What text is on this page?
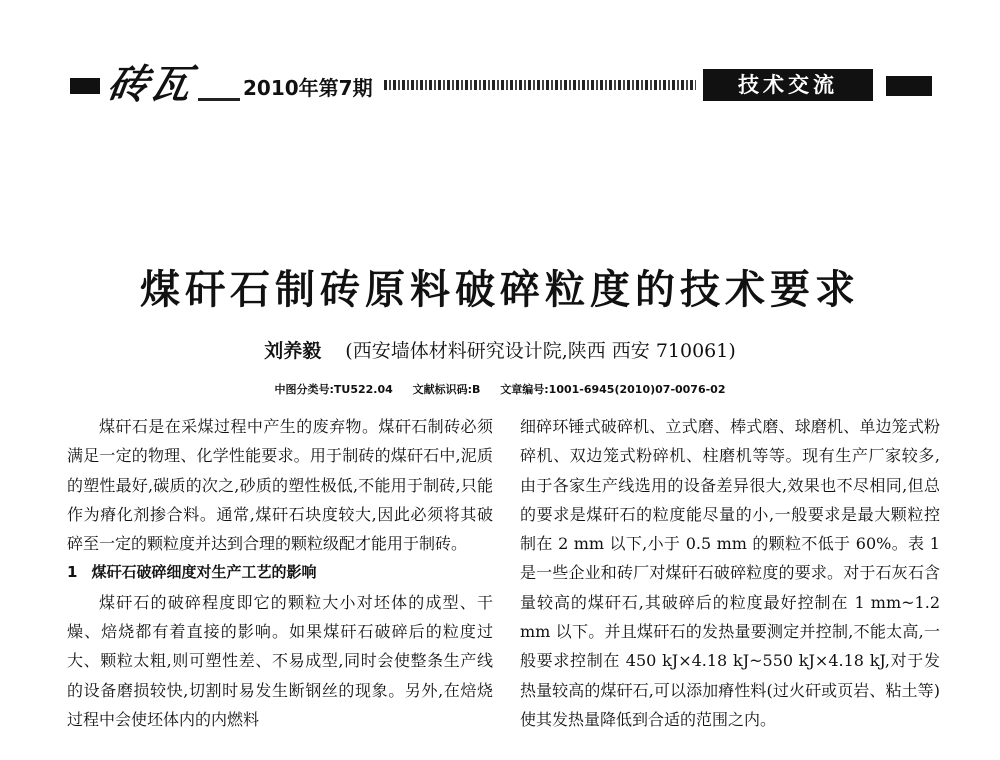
砖瓦 2010年第7期	技术交流
煤矸石制砖原料破碎粒度的技术要求
刘养毅 (西安墙体材料研究设计院,陕西 西安 710061)
中图分类号:TU522.04 文献标识码:B 文章编号:1001-6945(2010)07-0076-02

煤矸石是在采煤过程中产生的废弃物。煤矸石制砖必须满足一定的物理、化学性能要求。用于制砖的煤矸石中,泥质的塑性最好,碳质的次之,砂质的塑性极低,不能用于制砖,只能作为瘠化剂掺合料。通常,煤矸石块度较大,因此必须将其破碎至一定的颗粒度并达到合理的颗粒级配才能用于制砖。

1 煤矸石破碎细度对生产工艺的影响

煤矸石的破碎程度即它的颗粒大小对坯体的成型、干燥、焙烧都有着直接的影响。如果煤矸石破碎后的粒度过大、颗粒太粗,则可塑性差、不易成型,同时会使整条生产线的设备磨损较快,切割时易发生断钢丝的现象。另外,在焙烧过程中会使坯体内的内燃料

细碎环锤式破碎机、立式磨、棒式磨、球磨机、单边笼式粉碎机、双边笼式粉碎机、柱磨机等等。现有生产厂家较多,由于各家生产线选用的设备差异很大,效果也不尽相同,但总的要求是煤矸石的粒度能尽量的小,一般要求是最大颗粒控制在 2 mm 以下,小于 0.5 mm 的颗粒不低于 60%。表 1 是一些企业和砖厂对煤矸石破碎粒度的要求。对于石灰石含量较高的煤矸石,其破碎后的粒度最好控制在 1 mm~1.2 mm 以下。并且煤矸石的发热量要测定并控制,不能太高,一般要求控制在 450 kJ×4.18 kJ~550 kJ×4.18 kJ,对于发热量较高的煤矸石,可以添加瘠性料(过火矸或页岩、粘土等)使其发热量降低到合适的范围之内。
